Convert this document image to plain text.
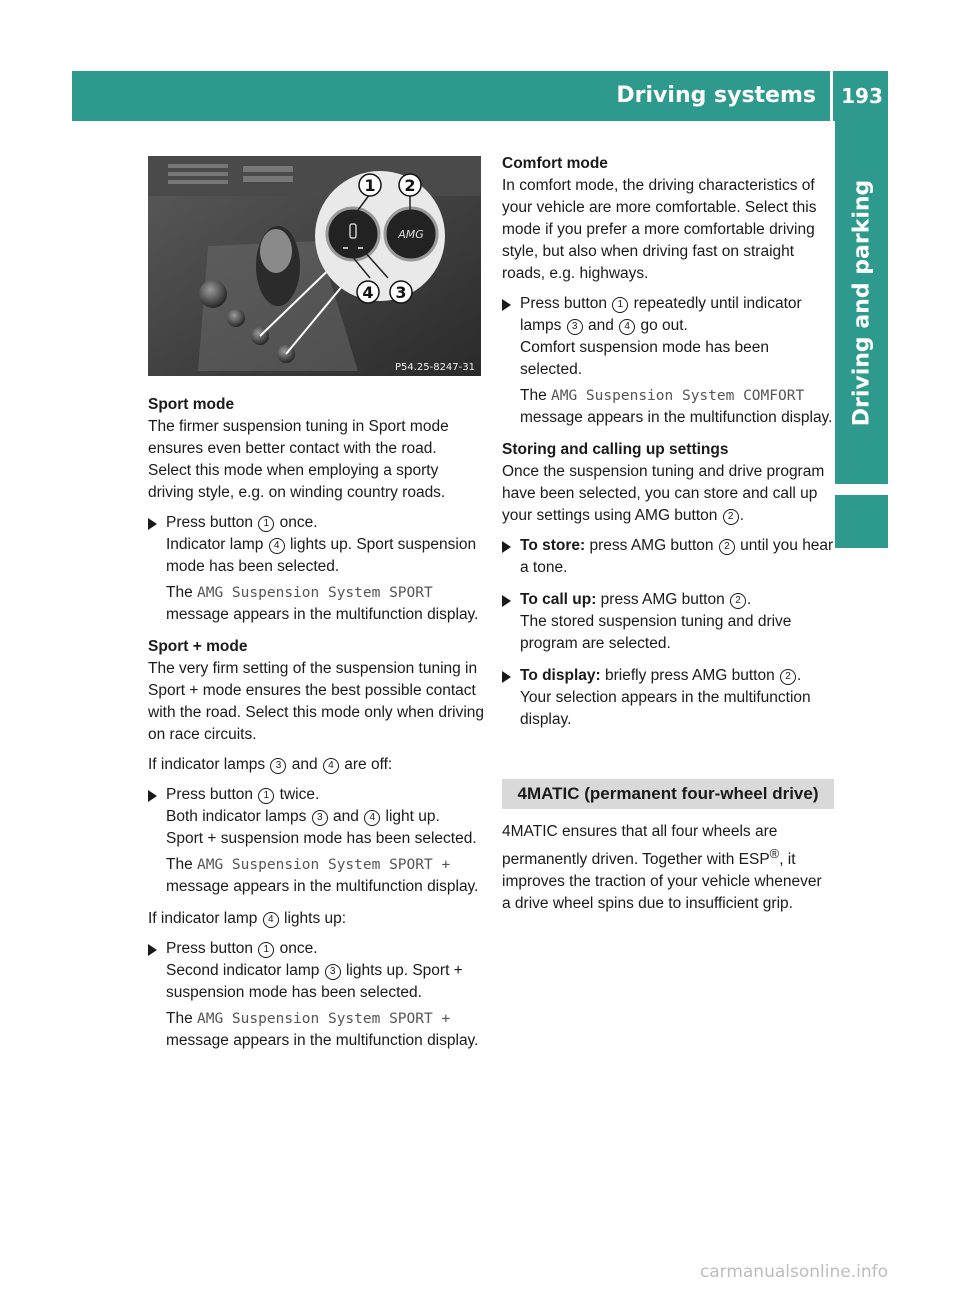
Driving systems 193
Driving and parking
AMG
1 2
3
4
P54.25-8247-31
Sport mode

The firmer suspension tuning in Sport mode ensures even better contact with the road. Select this mode when employing a sporty driving style, e.g. on winding country roads.

Press button 1 once.
Indicator lamp 4 lights up. Sport suspension mode has been selected.

The AMG Suspension System SPORT message appears in the multifunction display.

Sport + mode

The very firm setting of the suspension tuning in Sport + mode ensures the best possible contact with the road. Select this mode only when driving on race circuits.

If indicator lamps 3 and 4 are off:

Press button 1 twice.
Both indicator lamps 3 and 4 light up.
Sport + suspension mode has been selected.

The AMG Suspension System SPORT + message appears in the multifunction display.

If indicator lamp 4 lights up:

Press button 1 once.
Second indicator lamp 3 lights up. Sport + suspension mode has been selected.

The AMG Suspension System SPORT + message appears in the multifunction display.

Comfort mode

In comfort mode, the driving characteristics of your vehicle are more comfortable. Select this mode if you prefer a more comfortable driving style, but also when driving fast on straight roads, e.g. highways.

Press button 1 repeatedly until indicator lamps 3 and 4 go out.
Comfort suspension mode has been selected.

The AMG Suspension System COMFORT message appears in the multifunction display.

Storing and calling up settings

Once the suspension tuning and drive program have been selected, you can store and call up your settings using AMG button 2 .

To store: press AMG button 2 until you hear a tone.

To call up: press AMG button 2 .
The stored suspension tuning and drive program are selected.

To display: briefly press AMG button 2 .
Your selection appears in the multifunction display.

4MATIC (permanent four-wheel drive)

4MATIC ensures that all four wheels are permanently driven. Together with ESP®, it improves the traction of your vehicle whenever a drive wheel spins due to insufficient grip.

carmanualsonline.info
